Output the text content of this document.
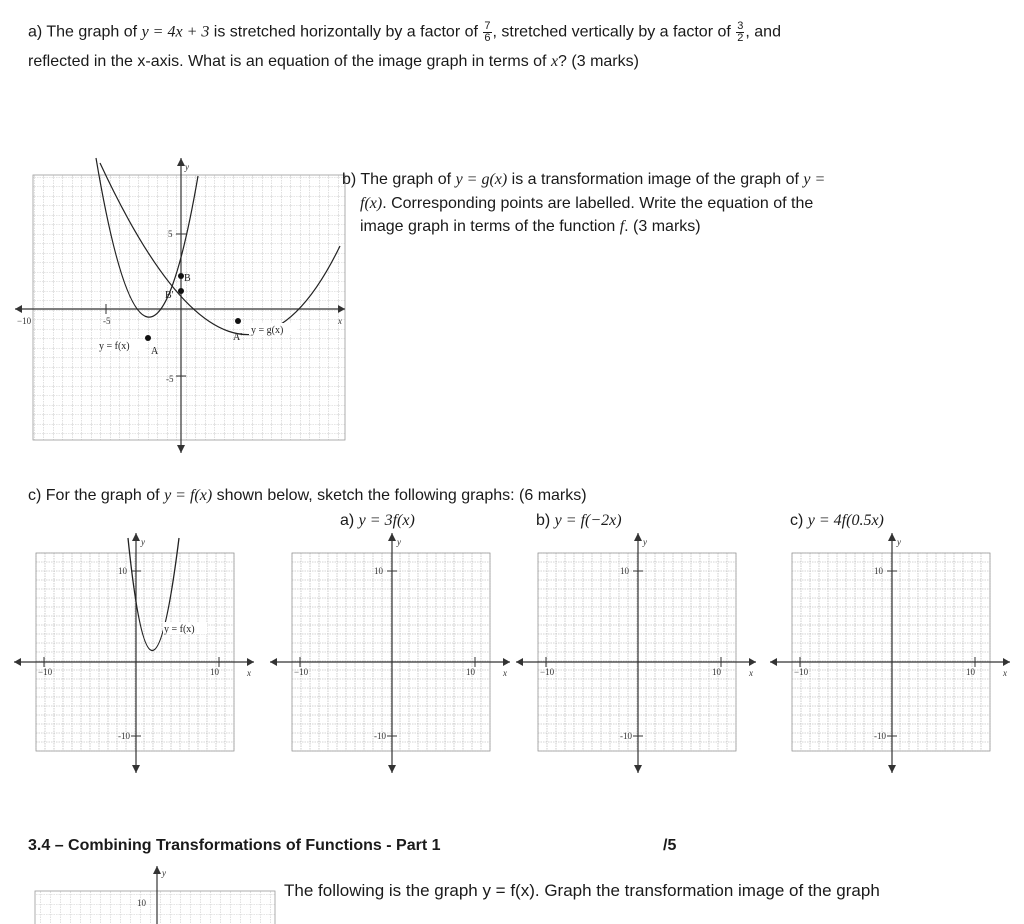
a) The graph of y = 4x + 3 is stretched horizontally by a factor of $\frac{7}{6}$ , stretched vertically by a factor of $\frac{3}{2}$ , and
reflected in the x-axis. What is an equation of the image graph in terms of x? (3 marks)
−10	-5
5
-5
y
x
A
B
A'
B'
y = f(x)
y = g(x)
b) The graph of y = g(x) is a transformation image of the graph of y =
f(x). Corresponding points are labelled. Write the equation of the
image graph in terms of the function f. (3 marks)
c) For the graph of y = f(x) shown below, sketch the following graphs: (6 marks)
a) y = 3f(x)	b) y = f(−2x)	c) y = 4f(0.5x)
y
x
−10	10
10
-10
y = f(x)
y
x
−10	10
10
-10
y
x
−10	10
10
-10
y
x
−10	10
10
-10
3.4 – Combining Transformations of Functions - Part 1	/5
The following is the graph y = f(x). Graph the transformation image of the graph
y
10
